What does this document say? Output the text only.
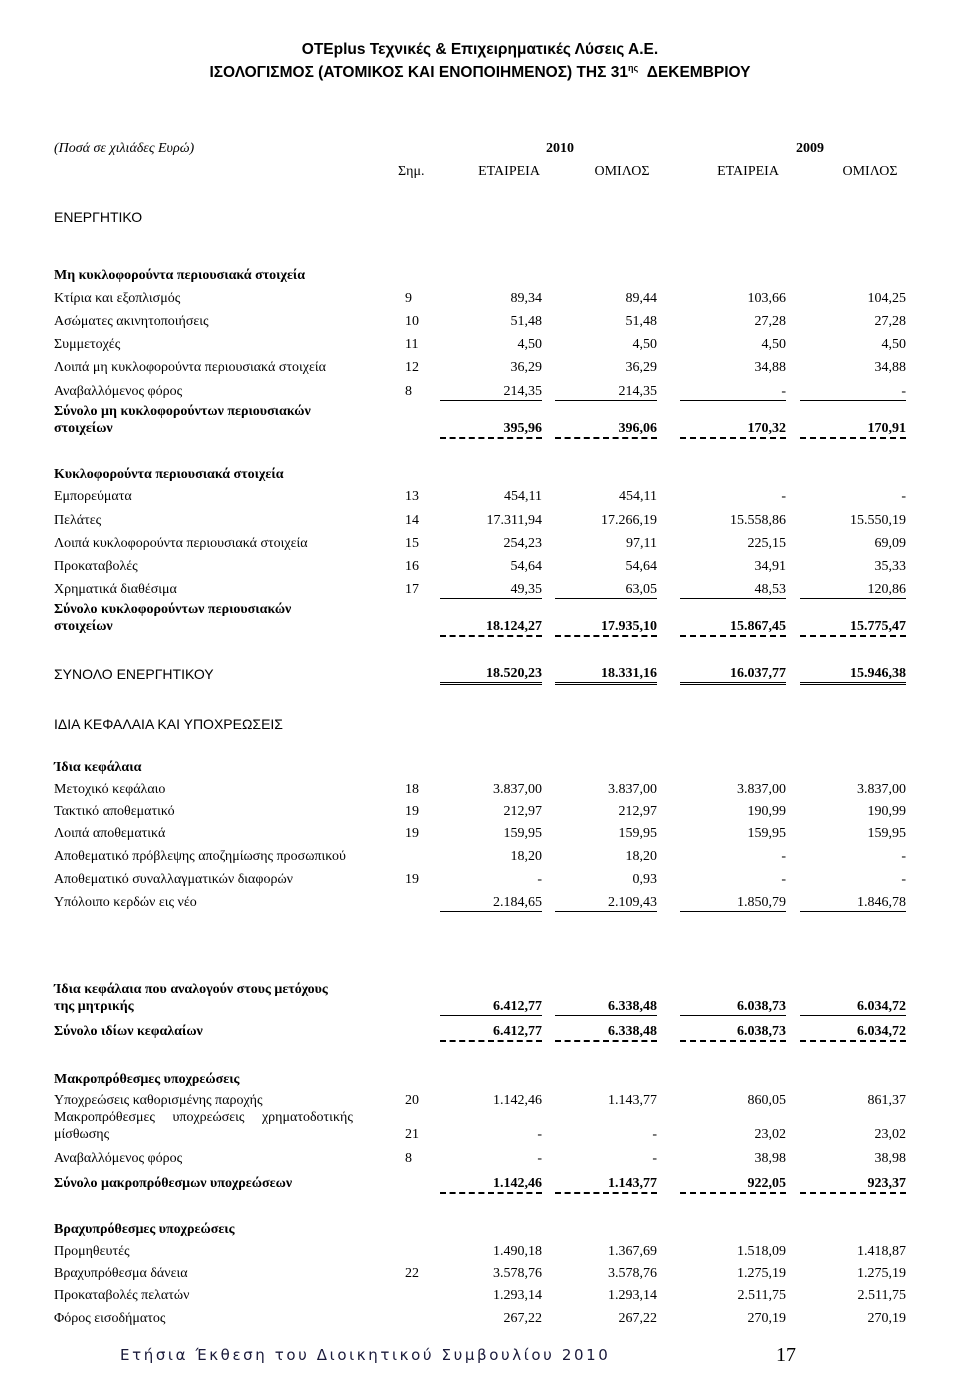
OTEplus Τεχνικές & Επιχειρηματικές Λύσεις Α.Ε.
ΙΣΟΛΟΓΙΣΜΟΣ (ΑΤΟΜΙΚΟΣ ΚΑΙ ΕΝΟΠΟΙΗΜΕΝΟΣ) ΤΗΣ $31^{\eta\varsigma}$ ΔΕΚΕΜΒΡΙΟΥ
(Ποσά σε χιλιάδες Ευρώ)	2010	2009
Σημ.	ΕΤΑΙΡΕΙΑ	ΟΜΙΛΟΣ	ΕΤΑΙΡΕΙΑ	ΟΜΙΛΟΣ
ΕΝΕΡΓΗΤΙΚΟ
Μη κυκλοφορούντα περιουσιακά στοιχεία
Κτίρια και εξοπλισμός	9	89,34	89,44	103,66	104,25
Ασώματες ακινητοποιήσεις	10	51,48	51,48	27,28	27,28
Συμμετοχές	11	4,50	4,50	4,50	4,50
Λοιπά μη κυκλοφορούντα περιουσιακά στοιχεία	12	36,29	36,29	34,88	34,88
Αναβαλλόμενος φόρος	8	214,35	214,35	-	-
Σύνολο μη κυκλοφορούντων περιουσιακών
στοιχείων	395,96	396,06	170,32	170,91
Κυκλοφορούντα περιουσιακά στοιχεία
Εμπορεύματα	13	454,11	454,11	-	-
Πελάτες	14	17.311,94	17.266,19	15.558,86	15.550,19
Λοιπά κυκλοφορούντα περιουσιακά στοιχεία	15	254,23	97,11	225,15	69,09
Προκαταβολές	16	54,64	54,64	34,91	35,33
Χρηματικά διαθέσιμα	17	49,35	63,05	48,53	120,86
Σύνολο κυκλοφορούντων περιουσιακών
στοιχείων	18.124,27	17.935,10	15.867,45	15.775,47
ΣΥΝΟΛΟ ΕΝΕΡΓΗΤΙΚΟΥ	18.520,23	18.331,16	16.037,77	15.946,38
ΙΔΙΑ ΚΕΦΑΛΑΙΑ ΚΑΙ ΥΠΟΧΡΕΩΣΕΙΣ
Ίδια κεφάλαια
Μετοχικό κεφάλαιο	18	3.837,00	3.837,00	3.837,00	3.837,00
Τακτικό αποθεματικό	19	212,97	212,97	190,99	190,99
Λοιπά αποθεματικά	19	159,95	159,95	159,95	159,95
Αποθεματικό πρόβλεψης αποζημίωσης προσωπικού	18,20	18,20	-	-
Αποθεματικό συναλλαγματικών διαφορών	19	-	0,93	-	-
Υπόλοιπο κερδών εις νέο	2.184,65	2.109,43	1.850,79	1.846,78
Ίδια κεφάλαια που αναλογούν στους μετόχους
της μητρικής	6.412,77	6.338,48	6.038,73	6.034,72
Σύνολο ιδίων κεφαλαίων	6.412,77	6.338,48	6.038,73	6.034,72
Μακροπρόθεσμες υποχρεώσεις
Υποχρεώσεις καθορισμένης παροχής	20	1.142,46	1.143,77	860,05	861,37
Μακροπρόθεσμες υποχρεώσεις χρηματοδοτικής
μίσθωσης	21	-	-	23,02	23,02
Αναβαλλόμενος φόρος	8	-	-	38,98	38,98
Σύνολο μακροπρόθεσμων υποχρεώσεων	1.142,46	1.143,77	922,05	923,37
Βραχυπρόθεσμες υποχρεώσεις
Προμηθευτές	1.490,18	1.367,69	1.518,09	1.418,87
Βραχυπρόθεσμα δάνεια	22	3.578,76	3.578,76	1.275,19	1.275,19
Προκαταβολές πελατών	1.293,14	1.293,14	2.511,75	2.511,75
Φόρος εισοδήματος	267,22	267,22	270,19	270,19
Ετήσια Έκθεση του Διοικητικού Συμβουλίου 2010	17
